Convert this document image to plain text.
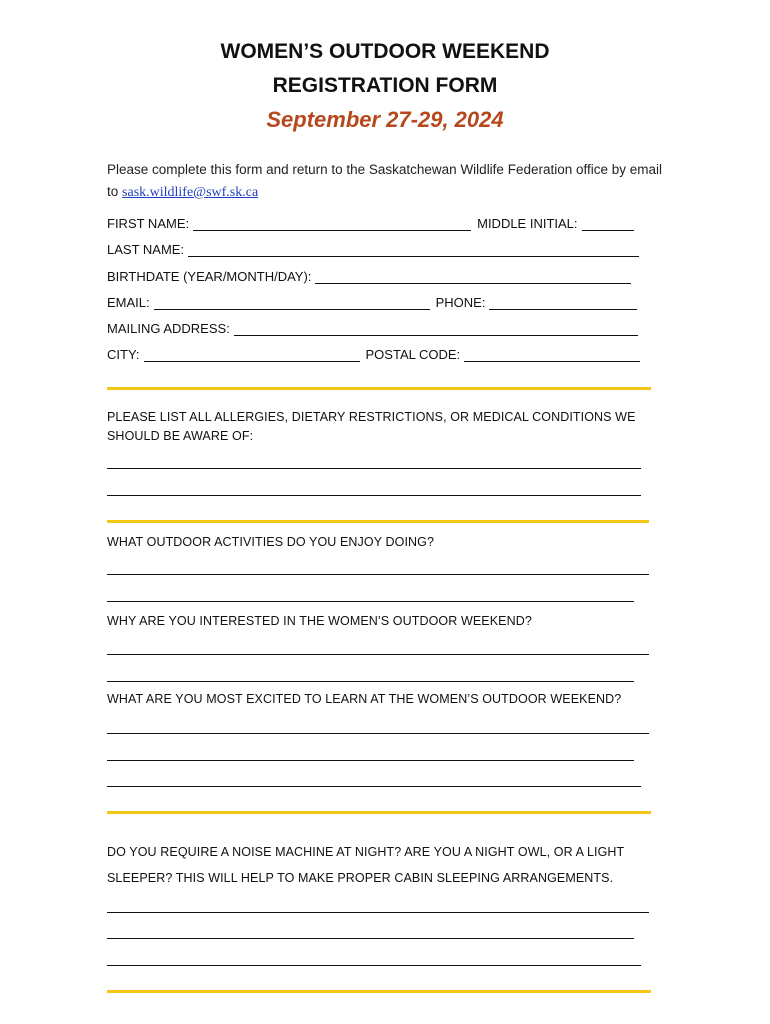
WOMEN’S OUTDOOR WEEKEND
REGISTRATION FORM
September 27-29, 2024
Please complete this form and return to the Saskatchewan Wildlife Federation office by email to sask.wildlife@swf.sk.ca
FIRST NAME:	MIDDLE INITIAL:
LAST NAME:
BIRTHDATE (YEAR/MONTH/DAY):
EMAIL:	PHONE:
MAILING ADDRESS:
CITY:	POSTAL CODE:
PLEASE LIST ALL ALLERGIES, DIETARY RESTRICTIONS, OR MEDICAL CONDITIONS WE
SHOULD BE AWARE OF:
WHAT OUTDOOR ACTIVITIES DO YOU ENJOY DOING?
WHY ARE YOU INTERESTED IN THE WOMEN’S OUTDOOR WEEKEND?
WHAT ARE YOU MOST EXCITED TO LEARN AT THE WOMEN’S OUTDOOR WEEKEND?
DO YOU REQUIRE A NOISE MACHINE AT NIGHT? ARE YOU A NIGHT OWL, OR A LIGHT
SLEEPER? THIS WILL HELP TO MAKE PROPER CABIN SLEEPING ARRANGEMENTS.
